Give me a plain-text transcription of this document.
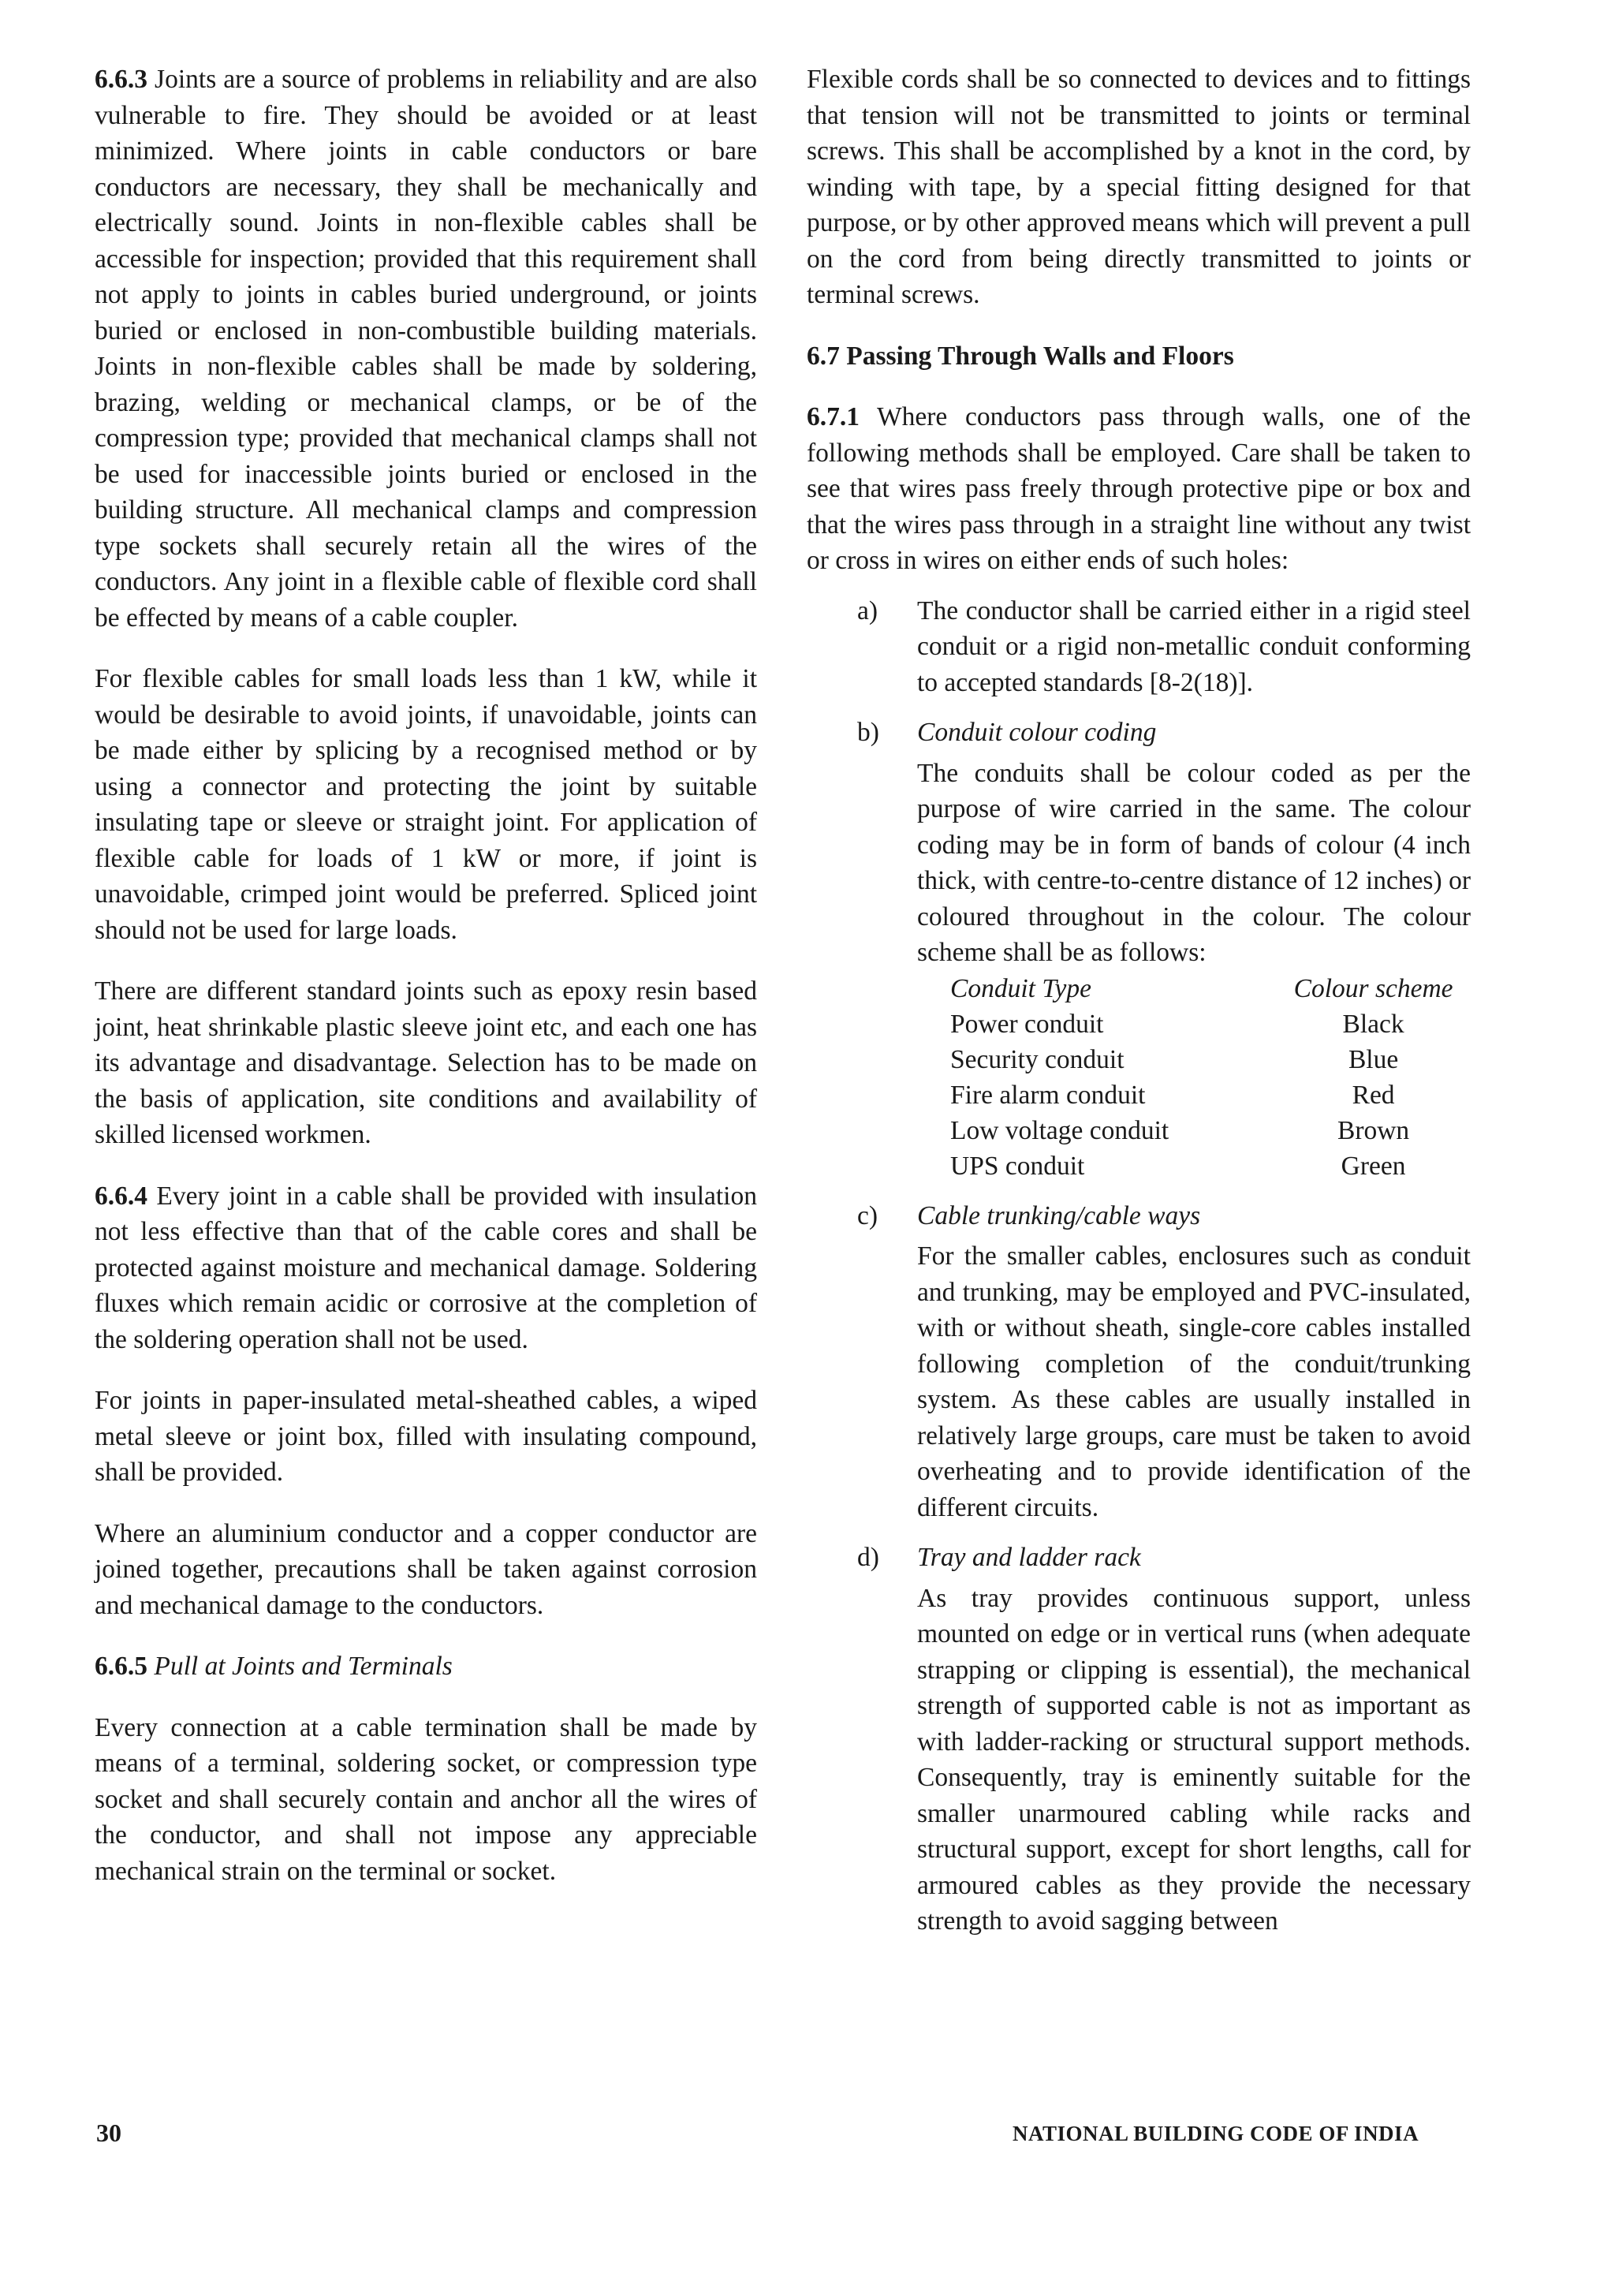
6.6.3 Joints are a source of problems in reliability and are also vulnerable to fire. They should be avoided or at least minimized. Where joints in cable conductors or bare conductors are necessary, they shall be mechanically and electrically sound. Joints in non-flexible cables shall be accessible for inspection; provided that this requirement shall not apply to joints in cables buried underground, or joints buried or enclosed in non-combustible building materials. Joints in non-flexible cables shall be made by soldering, brazing, welding or mechanical clamps, or be of the compression type; provided that mechanical clamps shall not be used for inaccessible joints buried or enclosed in the building structure. All mechanical clamps and compression type sockets shall securely retain all the wires of the conductors. Any joint in a flexible cable of flexible cord shall be effected by means of a cable coupler.

For flexible cables for small loads less than 1 kW, while it would be desirable to avoid joints, if unavoidable, joints can be made either by splicing by a recognised method or by using a connector and protecting the joint by suitable insulating tape or sleeve or straight joint. For application of flexible cable for loads of 1 kW or more, if joint is unavoidable, crimped joint would be preferred. Spliced joint should not be used for large loads.

There are different standard joints such as epoxy resin based joint, heat shrinkable plastic sleeve joint etc, and each one has its advantage and disadvantage. Selection has to be made on the basis of application, site conditions and availability of skilled licensed workmen.

6.6.4 Every joint in a cable shall be provided with insulation not less effective than that of the cable cores and shall be protected against moisture and mechanical damage. Soldering fluxes which remain acidic or corrosive at the completion of the soldering operation shall not be used.

For joints in paper-insulated metal-sheathed cables, a wiped metal sleeve or joint box, filled with insulating compound, shall be provided.

Where an aluminium conductor and a copper conductor are joined together, precautions shall be taken against corrosion and mechanical damage to the conductors.

6.6.5 Pull at Joints and Terminals

Every connection at a cable termination shall be made by means of a terminal, soldering socket, or compression type socket and shall securely contain and anchor all the wires of the conductor, and shall not impose any appreciable mechanical strain on the terminal or socket.

Flexible cords shall be so connected to devices and to fittings that tension will not be transmitted to joints or terminal screws. This shall be accomplished by a knot in the cord, by winding with tape, by a special fitting designed for that purpose, or by other approved means which will prevent a pull on the cord from being directly transmitted to joints or terminal screws.

6.7 Passing Through Walls and Floors

6.7.1 Where conductors pass through walls, one of the following methods shall be employed. Care shall be taken to see that wires pass freely through protective pipe or box and that the wires pass through in a straight line without any twist or cross in wires on either ends of such holes:

a) The conductor shall be carried either in a rigid steel conduit or a rigid non-metallic conduit conforming to accepted standards [8-2(18)].
b) Conduit colour coding
The conduits shall be colour coded as per the purpose of wire carried in the same. The colour coding may be in form of bands of colour (4 inch thick, with centre-to-centre distance of 12 inches) or coloured throughout in the colour. The colour scheme shall be as follows:
Conduit Type	Colour scheme
Power conduit	Black
Security conduit	Blue
Fire alarm conduit	Red
Low voltage conduit	Brown
UPS conduit	Green
c) Cable trunking/cable ways
For the smaller cables, enclosures such as conduit and trunking, may be employed and PVC-insulated, with or without sheath, single-core cables installed following completion of the conduit/trunking system. As these cables are usually installed in relatively large groups, care must be taken to avoid overheating and to provide identification of the different circuits.
d) Tray and ladder rack
As tray provides continuous support, unless mounted on edge or in vertical runs (when adequate strapping or clipping is essential), the mechanical strength of supported cable is not as important as with ladder-racking or structural support methods. Consequently, tray is eminently suitable for the smaller unarmoured cabling while racks and structural support, except for short lengths, call for armoured cables as they provide the necessary strength to avoid sagging between
30	NATIONAL BUILDING CODE OF INDIA
